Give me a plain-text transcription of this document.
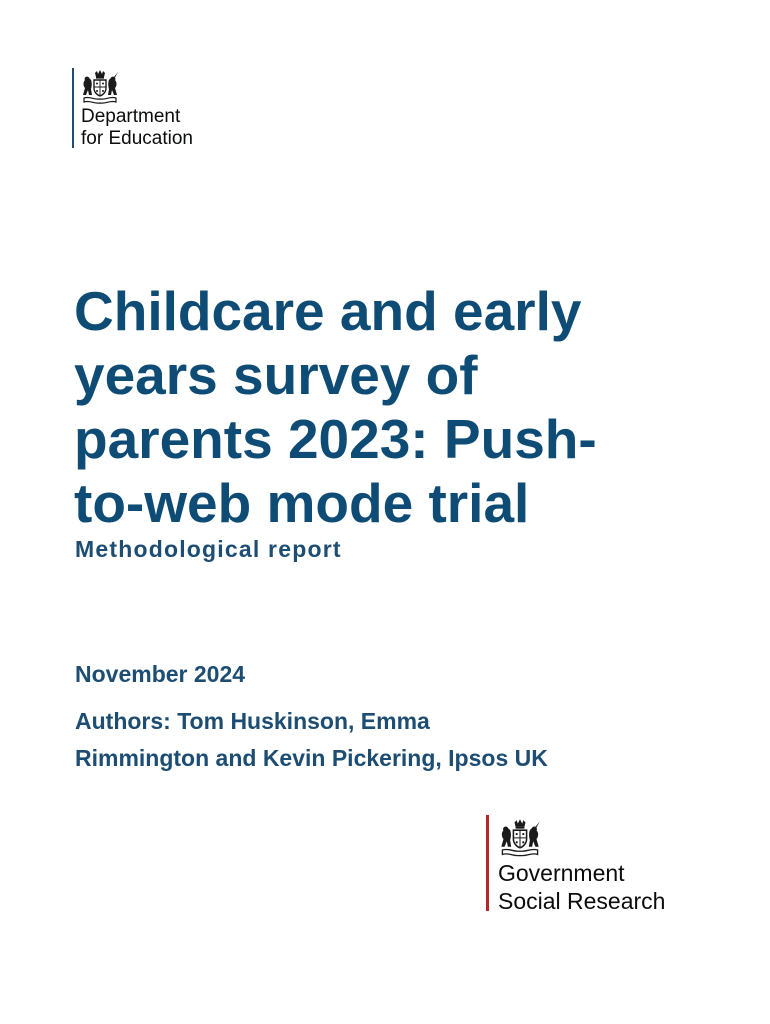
Department
for Education
Childcare and early
years survey of
parents 2023: Push-
to-web mode trial

Methodological report

November 2024

Authors: Tom Huskinson, Emma
Rimmington and Kevin Pickering, Ipsos UK

Government
Social Research
